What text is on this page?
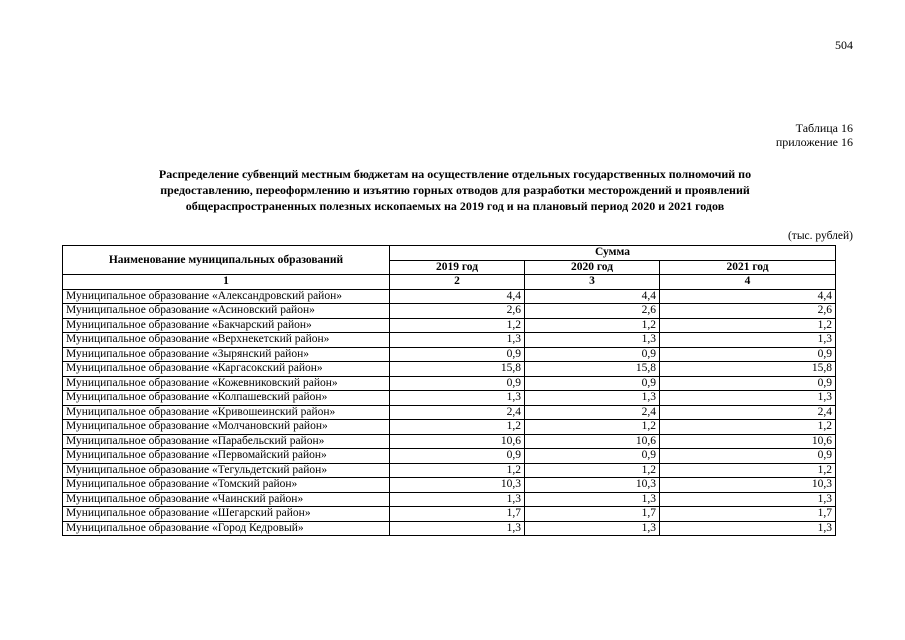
504
Таблица 16
приложение 16
Распределение субвенций местным бюджетам на осуществление отдельных государственных полномочий по
предоставлению, переоформлению и изъятию горных отводов для разработки месторождений и проявлений
общераспространенных полезных ископаемых на 2019 год и на плановый период 2020 и 2021 годов
(тыс. рублей)
Наименование муниципальных образований	Сумма		
	2019 год	2020 год	2021 год
1	2	3	4
Муниципальное образование «Александровский район»	4,4	4,4	4,4
Муниципальное образование «Асиновский район»	2,6	2,6	2,6
Муниципальное образование «Бакчарский район»	1,2	1,2	1,2
Муниципальное образование «Верхнекетский район»	1,3	1,3	1,3
Муниципальное образование «Зырянский район»	0,9	0,9	0,9
Муниципальное образование «Каргасокский район»	15,8	15,8	15,8
Муниципальное образование «Кожевниковский район»	0,9	0,9	0,9
Муниципальное образование «Колпашевский район»	1,3	1,3	1,3
Муниципальное образование «Кривошеинский район»	2,4	2,4	2,4
Муниципальное образование «Молчановский район»	1,2	1,2	1,2
Муниципальное образование «Парабельский район»	10,6	10,6	10,6
Муниципальное образование «Первомайский район»	0,9	0,9	0,9
Муниципальное образование «Тегульдетский район»	1,2	1,2	1,2
Муниципальное образование «Томский район»	10,3	10,3	10,3
Муниципальное образование «Чаинский район»	1,3	1,3	1,3
Муниципальное образование «Шегарский район»	1,7	1,7	1,7
Муниципальное образование «Город Кедровый»	1,3	1,3	1,3
